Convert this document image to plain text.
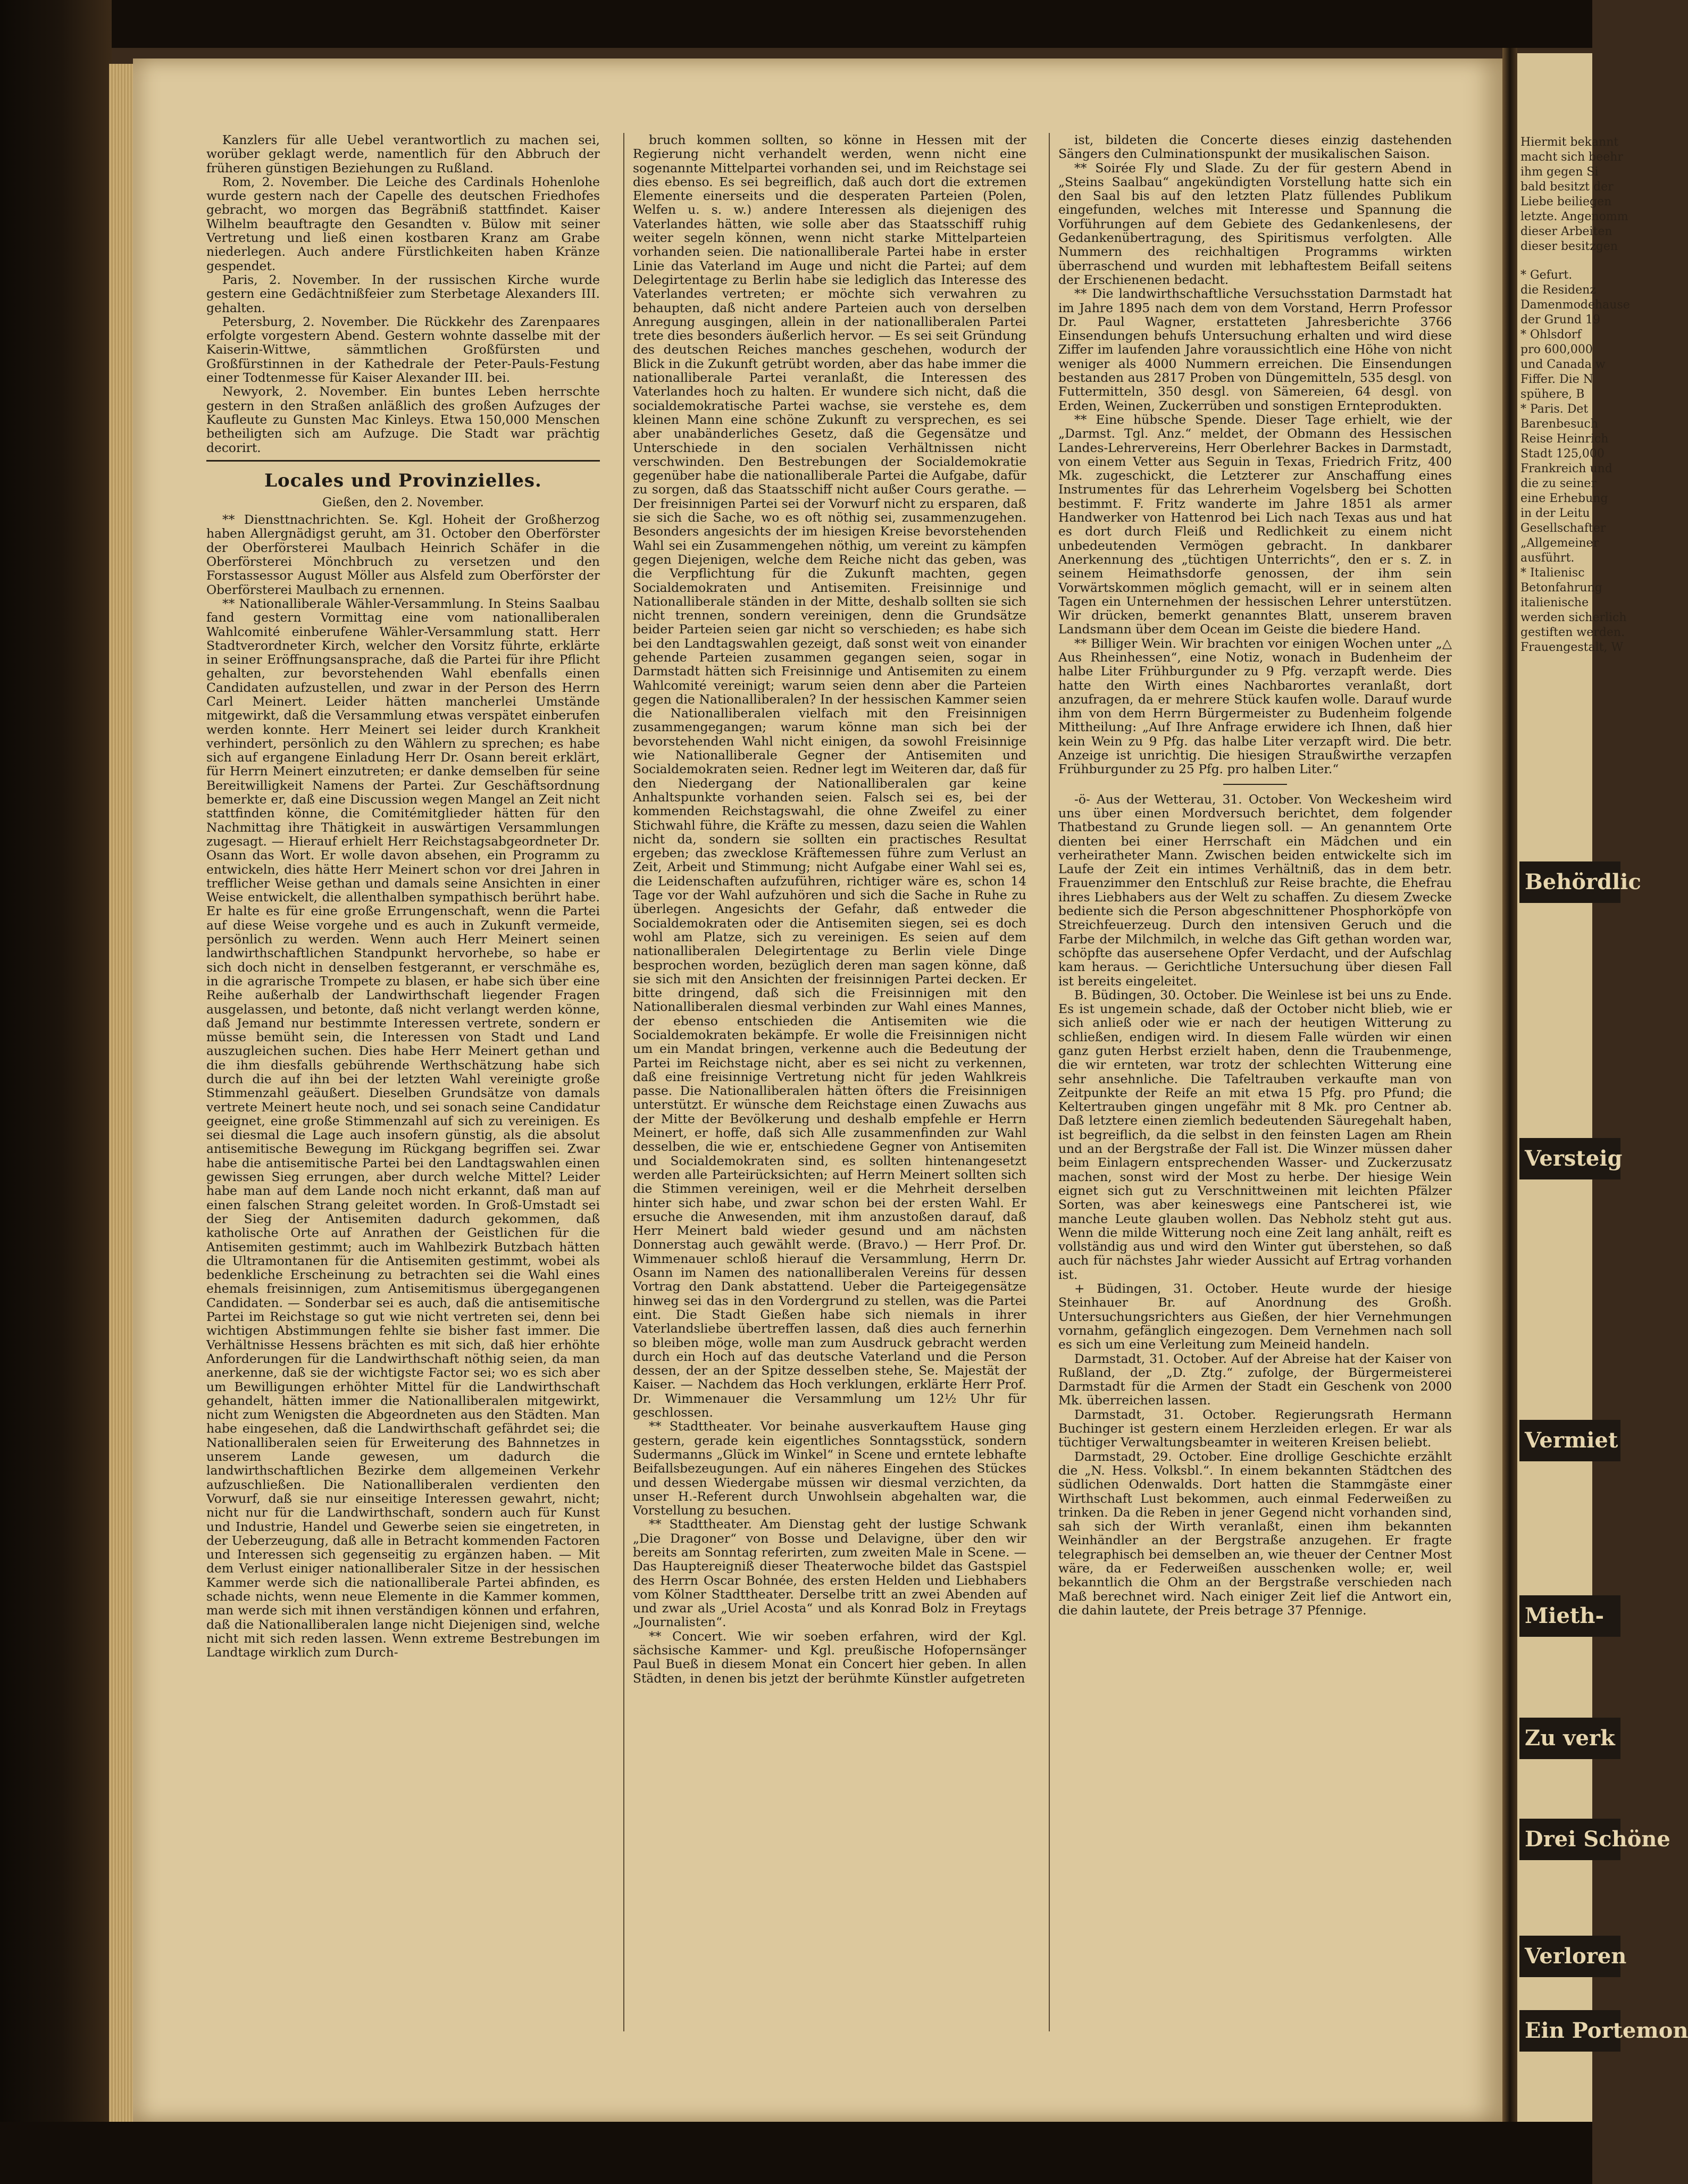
Kanzlers für alle Uebel verantwortlich zu machen sei, worüber geklagt werde, namentlich für den Abbruch der früheren günstigen Beziehungen zu Rußland.

Rom, 2. November. Die Leiche des Cardinals Hohenlohe wurde gestern nach der Capelle des deutschen Friedhofes gebracht, wo morgen das Begräbniß stattfindet. Kaiser Wilhelm beauftragte den Gesandten v. Bülow mit seiner Vertretung und ließ einen kostbaren Kranz am Grabe niederlegen. Auch andere Fürstlichkeiten haben Kränze gespendet.

Paris, 2. November. In der russischen Kirche wurde gestern eine Gedächtnißfeier zum Sterbetage Alexanders III. gehalten.

Petersburg, 2. November. Die Rückkehr des Zarenpaares erfolgte vorgestern Abend. Gestern wohnte dasselbe mit der Kaiserin-Wittwe, sämmtlichen Großfürsten und Großfürstinnen in der Kathedrale der Peter-Pauls-Festung einer Todtenmesse für Kaiser Alexander III. bei.

Newyork, 2. November. Ein buntes Leben herrschte gestern in den Straßen anläßlich des großen Aufzuges der Kaufleute zu Gunsten Mac Kinleys. Etwa 150,000 Menschen betheiligten sich am Aufzuge. Die Stadt war prächtig decorirt.

Locales und Provinzielles.
Gießen, den 2. November.

** Diensttnachrichten. Se. Kgl. Hoheit der Großherzog haben Allergnädigst geruht, am 31. October den Oberförster der Oberförsterei Maulbach Heinrich Schäfer in die Oberförsterei Mönchbruch zu versetzen und den Forstassessor August Möller aus Alsfeld zum Oberförster der Oberförsterei Maulbach zu ernennen.

** Nationalliberale Wähler-Versammlung. In Steins Saalbau fand gestern Vormittag eine vom nationalliberalen Wahlcomité einberufene Wähler-Versammlung statt. Herr Stadtverordneter Kirch, welcher den Vorsitz führte, erklärte in seiner Eröffnungsansprache, daß die Partei für ihre Pflicht gehalten, zur bevorstehenden Wahl ebenfalls einen Candidaten aufzustellen, und zwar in der Person des Herrn Carl Meinert. Leider hätten mancherlei Umstände mitgewirkt, daß die Versammlung etwas verspätet einberufen werden konnte. Herr Meinert sei leider durch Krankheit verhindert, persönlich zu den Wählern zu sprechen; es habe sich auf ergangene Einladung Herr Dr. Osann bereit erklärt, für Herrn Meinert einzutreten; er danke demselben für seine Bereitwilligkeit Namens der Partei. Zur Geschäftsordnung bemerkte er, daß eine Discussion wegen Mangel an Zeit nicht stattfinden könne, die Comitémitglieder hätten für den Nachmittag ihre Thätigkeit in auswärtigen Versammlungen zugesagt. — Hierauf erhielt Herr Reichstagsabgeordneter Dr. Osann das Wort. Er wolle davon absehen, ein Programm zu entwickeln, dies hätte Herr Meinert schon vor drei Jahren in trefflicher Weise gethan und damals seine Ansichten in einer Weise entwickelt, die allenthalben sympathisch berührt habe. Er halte es für eine große Errungenschaft, wenn die Partei auf diese Weise vorgehe und es auch in Zukunft vermeide, persönlich zu werden. Wenn auch Herr Meinert seinen landwirthschaftlichen Standpunkt hervorhebe, so habe er sich doch nicht in denselben festgerannt, er verschmähe es, in die agrarische Trompete zu blasen, er habe sich über eine Reihe außerhalb der Landwirthschaft liegender Fragen ausgelassen, und betonte, daß nicht verlangt werden könne, daß Jemand nur bestimmte Interessen vertrete, sondern er müsse bemüht sein, die Interessen von Stadt und Land auszugleichen suchen. Dies habe Herr Meinert gethan und die ihm diesfalls gebührende Werthschätzung habe sich durch die auf ihn bei der letzten Wahl vereinigte große Stimmenzahl geäußert. Dieselben Grundsätze von damals vertrete Meinert heute noch, und sei sonach seine Candidatur geeignet, eine große Stimmenzahl auf sich zu vereinigen. Es sei diesmal die Lage auch insofern günstig, als die absolut antisemitische Bewegung im Rückgang begriffen sei. Zwar habe die antisemitische Partei bei den Landtagswahlen einen gewissen Sieg errungen, aber durch welche Mittel? Leider habe man auf dem Lande noch nicht erkannt, daß man auf einen falschen Strang geleitet worden. In Groß-Umstadt sei der Sieg der Antisemiten dadurch gekommen, daß katholische Orte auf Anrathen der Geistlichen für die Antisemiten gestimmt; auch im Wahlbezirk Butzbach hätten die Ultramontanen für die Antisemiten gestimmt, wobei als bedenkliche Erscheinung zu betrachten sei die Wahl eines ehemals freisinnigen, zum Antisemitismus übergegangenen Candidaten. — Sonderbar sei es auch, daß die antisemitische Partei im Reichstage so gut wie nicht vertreten sei, denn bei wichtigen Abstimmungen fehlte sie bisher fast immer. Die Verhältnisse Hessens brächten es mit sich, daß hier erhöhte Anforderungen für die Landwirthschaft nöthig seien, da man anerkenne, daß sie der wichtigste Factor sei; wo es sich aber um Bewilligungen erhöhter Mittel für die Landwirthschaft gehandelt, hätten immer die Nationalliberalen mitgewirkt, nicht zum Wenigsten die Abgeordneten aus den Städten. Man habe eingesehen, daß die Landwirthschaft gefährdet sei; die Nationalliberalen seien für Erweiterung des Bahnnetzes in unserem Lande gewesen, um dadurch die landwirthschaftlichen Bezirke dem allgemeinen Verkehr aufzuschließen. Die Nationalliberalen verdienten den Vorwurf, daß sie nur einseitige Interessen gewahrt, nicht; nicht nur für die Landwirthschaft, sondern auch für Kunst und Industrie, Handel und Gewerbe seien sie eingetreten, in der Ueberzeugung, daß alle in Betracht kommenden Factoren und Interessen sich gegenseitig zu ergänzen haben. — Mit dem Verlust einiger nationalliberaler Sitze in der hessischen Kammer werde sich die nationalliberale Partei abfinden, es schade nichts, wenn neue Elemente in die Kammer kommen, man werde sich mit ihnen verständigen können und erfahren, daß die Nationalliberalen lange nicht Diejenigen sind, welche nicht mit sich reden lassen. Wenn extreme Bestrebungen im Landtage wirklich zum Durch-

bruch kommen sollten, so könne in Hessen mit der Regierung nicht verhandelt werden, wenn nicht eine sogenannte Mittelpartei vorhanden sei, und im Reichstage sei dies ebenso. Es sei begreiflich, daß auch dort die extremen Elemente einerseits und die desperaten Parteien (Polen, Welfen u. s. w.) andere Interessen als diejenigen des Vaterlandes hätten, wie solle aber das Staatsschiff ruhig weiter segeln können, wenn nicht starke Mittelparteien vorhanden seien. Die nationalliberale Partei habe in erster Linie das Vaterland im Auge und nicht die Partei; auf dem Delegirtentage zu Berlin habe sie lediglich das Interesse des Vaterlandes vertreten; er möchte sich verwahren zu behaupten, daß nicht andere Parteien auch von derselben Anregung ausgingen, allein in der nationalliberalen Partei trete dies besonders äußerlich hervor. — Es sei seit Gründung des deutschen Reiches manches geschehen, wodurch der Blick in die Zukunft getrübt worden, aber das habe immer die nationalliberale Partei veranlaßt, die Interessen des Vaterlandes hoch zu halten. Er wundere sich nicht, daß die socialdemokratische Partei wachse, sie verstehe es, dem kleinen Mann eine schöne Zukunft zu versprechen, es sei aber unabänderliches Gesetz, daß die Gegensätze und Unterschiede in den socialen Verhältnissen nicht verschwinden. Den Bestrebungen der Socialdemokratie gegenüber habe die nationalliberale Partei die Aufgabe, dafür zu sorgen, daß das Staatsschiff nicht außer Cours gerathe. — Der freisinnigen Partei sei der Vorwurf nicht zu ersparen, daß sie sich die Sache, wo es oft nöthig sei, zusammenzugehen. Besonders angesichts der im hiesigen Kreise bevorstehenden Wahl sei ein Zusammengehen nöthig, um vereint zu kämpfen gegen Diejenigen, welche dem Reiche nicht das geben, was die Verpflichtung für die Zukunft machten, gegen Socialdemokraten und Antisemiten. Freisinnige und Nationalliberale ständen in der Mitte, deshalb sollten sie sich nicht trennen, sondern vereinigen, denn die Grundsätze beider Parteien seien gar nicht so verschieden; es habe sich bei den Landtagswahlen gezeigt, daß sonst weit von einander gehende Parteien zusammen gegangen seien, sogar in Darmstadt hätten sich Freisinnige und Antisemiten zu einem Wahlcomité vereinigt; warum seien denn aber die Parteien gegen die Nationalliberalen? In der hessischen Kammer seien die Nationalliberalen vielfach mit den Freisinnigen zusammengegangen; warum könne man sich bei der bevorstehenden Wahl nicht einigen, da sowohl Freisinnige wie Nationalliberale Gegner der Antisemiten und Socialdemokraten seien. Redner legt im Weiteren dar, daß für den Niedergang der Nationalliberalen gar keine Anhaltspunkte vorhanden seien. Falsch sei es, bei der kommenden Reichstagswahl, die ohne Zweifel zu einer Stichwahl führe, die Kräfte zu messen, dazu seien die Wahlen nicht da, sondern sie sollten ein practisches Resultat ergeben; das zwecklose Kräftemessen führe zum Verlust an Zeit, Arbeit und Stimmung; nicht Aufgabe einer Wahl sei es, die Leidenschaften aufzuführen, richtiger wäre es, schon 14 Tage vor der Wahl aufzuhören und sich die Sache in Ruhe zu überlegen. Angesichts der Gefahr, daß entweder die Socialdemokraten oder die Antisemiten siegen, sei es doch wohl am Platze, sich zu vereinigen. Es seien auf dem nationalliberalen Delegirtentage zu Berlin viele Dinge besprochen worden, bezüglich deren man sagen könne, daß sie sich mit den Ansichten der freisinnigen Partei decken. Er bitte dringend, daß sich die Freisinnigen mit den Nationalliberalen diesmal verbinden zur Wahl eines Mannes, der ebenso entschieden die Antisemiten wie die Socialdemokraten bekämpfe. Er wolle die Freisinnigen nicht um ein Mandat bringen, verkenne auch die Bedeutung der Partei im Reichstage nicht, aber es sei nicht zu verkennen, daß eine freisinnige Vertretung nicht für jeden Wahlkreis passe. Die Nationalliberalen hätten öfters die Freisinnigen unterstützt. Er wünsche dem Reichstage einen Zuwachs aus der Mitte der Bevölkerung und deshalb empfehle er Herrn Meinert, er hoffe, daß sich Alle zusammenfinden zur Wahl desselben, die wie er, entschiedene Gegner von Antisemiten und Socialdemokraten sind, es sollten hintenangesetzt werden alle Parteirücksichten; auf Herrn Meinert sollten sich die Stimmen vereinigen, weil er die Mehrheit derselben hinter sich habe, und zwar schon bei der ersten Wahl. Er ersuche die Anwesenden, mit ihm anzustoßen darauf, daß Herr Meinert bald wieder gesund und am nächsten Donnerstag auch gewählt werde. (Bravo.) — Herr Prof. Dr. Wimmenauer schloß hierauf die Versammlung, Herrn Dr. Osann im Namen des nationalliberalen Vereins für dessen Vortrag den Dank abstattend. Ueber die Parteigegensätze hinweg sei das in den Vordergrund zu stellen, was die Partei eint. Die Stadt Gießen habe sich niemals in ihrer Vaterlandsliebe übertreffen lassen, daß dies auch fernerhin so bleiben möge, wolle man zum Ausdruck gebracht werden durch ein Hoch auf das deutsche Vaterland und die Person dessen, der an der Spitze desselben stehe, Se. Majestät der Kaiser. — Nachdem das Hoch verklungen, erklärte Herr Prof. Dr. Wimmenauer die Versammlung um 12½ Uhr für geschlossen.

** Stadttheater. Vor beinahe ausverkauftem Hause ging gestern, gerade kein eigentliches Sonntagsstück, sondern Sudermanns „Glück im Winkel“ in Scene und erntete lebhafte Beifallsbezeugungen. Auf ein näheres Eingehen des Stückes und dessen Wiedergabe müssen wir diesmal verzichten, da unser H.-Referent durch Unwohlsein abgehalten war, die Vorstellung zu besuchen.

** Stadttheater. Am Dienstag geht der lustige Schwank „Die Dragoner“ von Bosse und Delavigne, über den wir bereits am Sonntag referirten, zum zweiten Male in Scene. — Das Hauptereigniß dieser Theaterwoche bildet das Gastspiel des Herrn Oscar Bohnée, des ersten Helden und Liebhabers vom Kölner Stadttheater. Derselbe tritt an zwei Abenden auf und zwar als „Uriel Acosta“ und als Konrad Bolz in Freytags „Journalisten“.

** Concert. Wie wir soeben erfahren, wird der Kgl. sächsische Kammer- und Kgl. preußische Hofopernsänger Paul Bueß in diesem Monat ein Concert hier geben. In allen Städten, in denen bis jetzt der berühmte Künstler aufgetreten

ist, bildeten die Concerte dieses einzig dastehenden Sängers den Culminationspunkt der musikalischen Saison.

** Soirée Fly und Slade. Zu der für gestern Abend in „Steins Saalbau“ angekündigten Vorstellung hatte sich ein den Saal bis auf den letzten Platz füllendes Publikum eingefunden, welches mit Interesse und Spannung die Vorführungen auf dem Gebiete des Gedankenlesens, der Gedankenübertragung, des Spiritismus verfolgten. Alle Nummern des reichhaltigen Programms wirkten überraschend und wurden mit lebhaftestem Beifall seitens der Erschienenen bedacht.

** Die landwirthschaftliche Versuchsstation Darmstadt hat im Jahre 1895 nach dem von dem Vorstand, Herrn Professor Dr. Paul Wagner, erstatteten Jahresberichte 3766 Einsendungen behufs Untersuchung erhalten und wird diese Ziffer im laufenden Jahre voraussichtlich eine Höhe von nicht weniger als 4000 Nummern erreichen. Die Einsendungen bestanden aus 2817 Proben von Düngemitteln, 535 desgl. von Futtermitteln, 350 desgl. von Sämereien, 64 desgl. von Erden, Weinen, Zuckerrüben und sonstigen Ernteprodukten.

** Eine hübsche Spende. Dieser Tage erhielt, wie der „Darmst. Tgl. Anz.“ meldet, der Obmann des Hessischen Landes-Lehrervereins, Herr Oberlehrer Backes in Darmstadt, von einem Vetter aus Seguin in Texas, Friedrich Fritz, 400 Mk. zugeschickt, die Letzterer zur Anschaffung eines Instrumentes für das Lehrerheim Vogelsberg bei Schotten bestimmt. F. Fritz wanderte im Jahre 1851 als armer Handwerker von Hattenrod bei Lich nach Texas aus und hat es dort durch Fleiß und Redlichkeit zu einem nicht unbedeutenden Vermögen gebracht. In dankbarer Anerkennung des „tüchtigen Unterrichts“, den er s. Z. in seinem Heimathsdorfe genossen, der ihm sein Vorwärtskommen möglich gemacht, will er in seinem alten Tagen ein Unternehmen der hessischen Lehrer unterstützen. Wir drücken, bemerkt genanntes Blatt, unserem braven Landsmann über dem Ocean im Geiste die biedere Hand.

** Billiger Wein. Wir brachten vor einigen Wochen unter „△ Aus Rheinhessen“, eine Notiz, wonach in Budenheim der halbe Liter Frühburgunder zu 9 Pfg. verzapft werde. Dies hatte den Wirth eines Nachbarortes veranlaßt, dort anzufragen, da er mehrere Stück kaufen wolle. Darauf wurde ihm von dem Herrn Bürgermeister zu Budenheim folgende Mittheilung: „Auf Ihre Anfrage erwidere ich Ihnen, daß hier kein Wein zu 9 Pfg. das halbe Liter verzapft wird. Die betr. Anzeige ist unrichtig. Die hiesigen Straußwirthe verzapfen Frühburgunder zu 25 Pfg. pro halben Liter.“

-ö- Aus der Wetterau, 31. October. Von Weckesheim wird uns über einen Mordversuch berichtet, dem folgender Thatbestand zu Grunde liegen soll. — An genanntem Orte dienten bei einer Herrschaft ein Mädchen und ein verheiratheter Mann. Zwischen beiden entwickelte sich im Laufe der Zeit ein intimes Verhältniß, das in dem betr. Frauenzimmer den Entschluß zur Reise brachte, die Ehefrau ihres Liebhabers aus der Welt zu schaffen. Zu diesem Zwecke bediente sich die Person abgeschnittener Phosphorköpfe von Streichfeuerzeug. Durch den intensiven Geruch und die Farbe der Milchmilch, in welche das Gift gethan worden war, schöpfte das ausersehene Opfer Verdacht, und der Aufschlag kam heraus. — Gerichtliche Untersuchung über diesen Fall ist bereits eingeleitet.

B. Büdingen, 30. October. Die Weinlese ist bei uns zu Ende. Es ist ungemein schade, daß der October nicht blieb, wie er sich anließ oder wie er nach der heutigen Witterung zu schließen, endigen wird. In diesem Falle würden wir einen ganz guten Herbst erzielt haben, denn die Traubenmenge, die wir ernteten, war trotz der schlechten Witterung eine sehr ansehnliche. Die Tafeltrauben verkaufte man von Zeitpunkte der Reife an mit etwa 15 Pfg. pro Pfund; die Keltertrauben gingen ungefähr mit 8 Mk. pro Centner ab. Daß letztere einen ziemlich bedeutenden Säuregehalt haben, ist begreiflich, da die selbst in den feinsten Lagen am Rhein und an der Bergstraße der Fall ist. Die Winzer müssen daher beim Einlagern entsprechenden Wasser- und Zuckerzusatz machen, sonst wird der Most zu herbe. Der hiesige Wein eignet sich gut zu Verschnittweinen mit leichten Pfälzer Sorten, was aber keineswegs eine Pantscherei ist, wie manche Leute glauben wollen. Das Nebholz steht gut aus. Wenn die milde Witterung noch eine Zeit lang anhält, reift es vollständig aus und wird den Winter gut überstehen, so daß auch für nächstes Jahr wieder Aussicht auf Ertrag vorhanden ist.

+ Büdingen, 31. October. Heute wurde der hiesige Steinhauer Br. auf Anordnung des Großh. Untersuchungsrichters aus Gießen, der hier Vernehmungen vornahm, gefänglich eingezogen. Dem Vernehmen nach soll es sich um eine Verleitung zum Meineid handeln.

Darmstadt, 31. October. Auf der Abreise hat der Kaiser von Rußland, der „D. Ztg.“ zufolge, der Bürgermeisterei Darmstadt für die Armen der Stadt ein Geschenk von 2000 Mk. überreichen lassen.

Darmstadt, 31. October. Regierungsrath Hermann Buchinger ist gestern einem Herzleiden erlegen. Er war als tüchtiger Verwaltungsbeamter in weiteren Kreisen beliebt.

Darmstadt, 29. October. Eine drollige Geschichte erzählt die „N. Hess. Volksbl.“. In einem bekannten Städtchen des südlichen Odenwalds. Dort hatten die Stammgäste einer Wirthschaft Lust bekommen, auch einmal Federweißen zu trinken. Da die Reben in jener Gegend nicht vorhanden sind, sah sich der Wirth veranlaßt, einen ihm bekannten Weinhändler an der Bergstraße anzugehen. Er fragte telegraphisch bei demselben an, wie theuer der Centner Most wäre, da er Federweißen ausschenken wolle; er, weil bekanntlich die Ohm an der Bergstraße verschieden nach Maß berechnet wird. Nach einiger Zeit lief die Antwort ein, die dahin lautete, der Preis betrage 37 Pfennige.

Hiermit bekannt
macht sich beehr
ihm gegen Si
bald besitzt der
Liebe beiliegen
letzte. Angenomm
dieser Arbeiten
dieser besitzgen
* Gefurt.
die Residenz
Damenmodehause
der Grund 19
* Ohlsdorf
pro 600,000
und Canada w
Fiffer. Die N
spühere, B
* Paris. Det
Barenbesuch
Reise Heinrich
Stadt 125,000
Frankreich und
die zu seiner
eine Erhebung
in der Leitu
Gesellschafter
„Allgemeiner
ausführt.
* Italienisc
Betonfahrung
italienische
werden sicherlich
gestiften werden.
Frauengestalt, W
Behördlic
Versteig
Vermiet
Mieth-
Zu verk
Drei Schöne
Verloren
Ein Portemon
